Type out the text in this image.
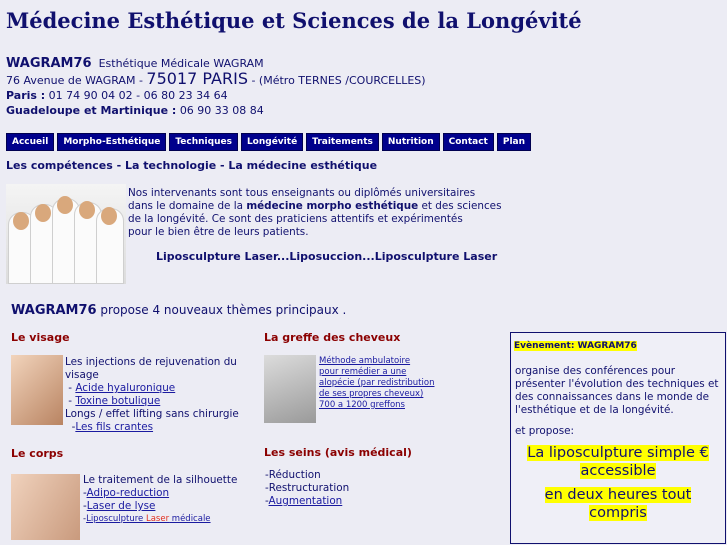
Médecine Esthétique et Sciences de la Longévité
WAGRAM76 Esthétique Médicale WAGRAM
76 Avenue de WAGRAM - 75017 PARIS - (Métro TERNES /COURCELLES)
Paris : 01 74 90 04 02 - 06 80 23 34 64
Guadeloupe et Martinique : 06 90 33 08 84
Accueil	Morpho-Esthétique	Techniques	Longévité	Traitements	Nutrition	Contact	Plan
Les compétences - La technologie - La médecine esthétique
Nos intervenants sont tous enseignants ou diplômés universitaires
dans le domaine de la médecine morpho esthétique et des sciences
de la longévité. Ce sont des praticiens attentifs et expérimentés
pour le bien être de leurs patients.
Liposculpture Laser...Liposuccion...Liposculpture Laser
WAGRAM76 propose 4 nouveaux thèmes principaux .
Le visage
Les injections de rejuvenation du
visage
- Acide hyaluronique
- Toxine botulique
Longs / effet lifting sans chirurgie
-Les fils crantes
La greffe des cheveux
Méthode ambulatoire
pour remédier a une
alopécie (par redistribution
de ses propres cheveux)
700 a 1200 greffons
Le corps
Le traitement de la silhouette
-Adipo-reduction
-Laser de lyse
-Liposculpture Laser médicale
Les seins (avis médical)
-Réduction
-Restructuration
-Augmentation
Evènement: WAGRAM76
organise des conférences pour
présenter l'évolution des techniques et
des connaissances dans le monde de
l'esthétique et de la longévité.
et propose:
La liposculpture simple €
accessible
en deux heures tout
compris
